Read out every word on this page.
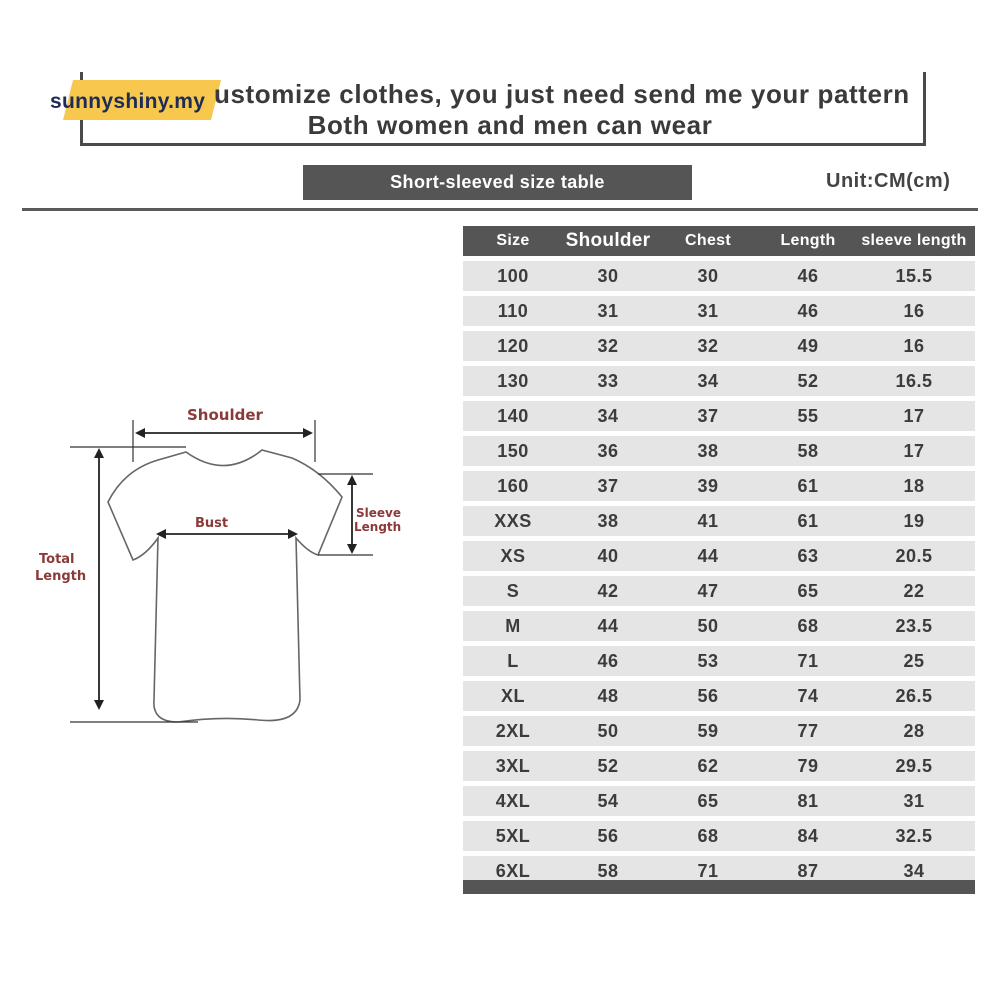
sunnyshiny.my ustomize clothes, you just need send me your pattern
Both women and men can wear
Short-sleeved size table	Unit:CM(cm)
Shoulder
Bust
Sleeve
Length
Total
Length
Size	Shoulder	Chest	Length	sleeve length
100	30	30	46	15.5
110	31	31	46	16
120	32	32	49	16
130	33	34	52	16.5
140	34	37	55	17
150	36	38	58	17
160	37	39	61	18
XXS	38	41	61	19
XS	40	44	63	20.5
S	42	47	65	22
M	44	50	68	23.5
L	46	53	71	25
XL	48	56	74	26.5
2XL	50	59	77	28
3XL	52	62	79	29.5
4XL	54	65	81	31
5XL	56	68	84	32.5
6XL	58	71	87	34
